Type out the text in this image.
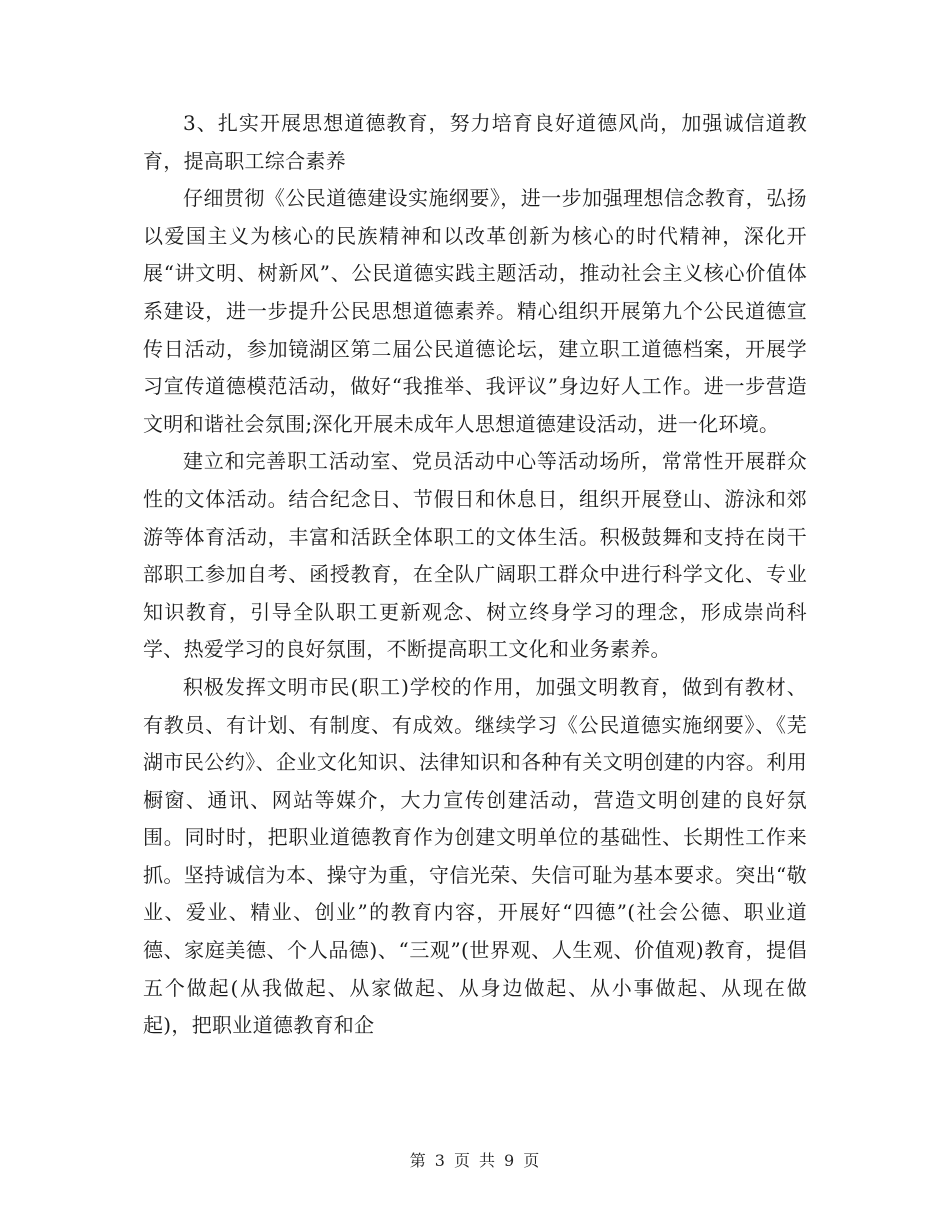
3、扎实开展思想道德教育，努力培育良好道德风尚，加强诚信道教育，提高职工综合素养

仔细贯彻《公民道德建设实施纲要》，进一步加强理想信念教育，弘扬以爱国主义为核心的民族精神和以改革创新为核心的时代精神，深化开展“讲文明、树新风”、公民道德实践主题活动，推动社会主义核心价值体系建设，进一步提升公民思想道德素养。精心组织开展第九个公民道德宣传日活动，参加镜湖区第二届公民道德论坛，建立职工道德档案，开展学习宣传道德模范活动，做好“我推举、我评议”身边好人工作。进一步营造文明和谐社会氛围;深化开展未成年人思想道德建设活动，进一化环境。

建立和完善职工活动室、党员活动中心等活动场所，常常性开展群众性的文体活动。结合纪念日、节假日和休息日，组织开展登山、游泳和郊游等体育活动，丰富和活跃全体职工的文体生活。积极鼓舞和支持在岗干部职工参加自考、函授教育，在全队广阔职工群众中进行科学文化、专业知识教育，引导全队职工更新观念、树立终身学习的理念，形成崇尚科学、热爱学习的良好氛围，不断提高职工文化和业务素养。

积极发挥文明市民(职工)学校的作用，加强文明教育，做到有教材、有教员、有计划、有制度、有成效。继续学习《公民道德实施纲要》、《芜湖市民公约》、企业文化知识、法律知识和各种有关文明创建的内容。利用橱窗、通讯、网站等媒介，大力宣传创建活动，营造文明创建的良好氛围。同时时，把职业道德教育作为创建文明单位的基础性、长期性工作来抓。坚持诚信为本、操守为重，守信光荣、失信可耻为基本要求。突出“敬业、爱业、精业、创业”的教育内容，开展好“四德”(社会公德、职业道德、家庭美德、个人品德)、“三观”(世界观、人生观、价值观)教育，提倡五个做起(从我做起、从家做起、从身边做起、从小事做起、从现在做起)，把职业道德教育和企

第 3 页 共 9 页
